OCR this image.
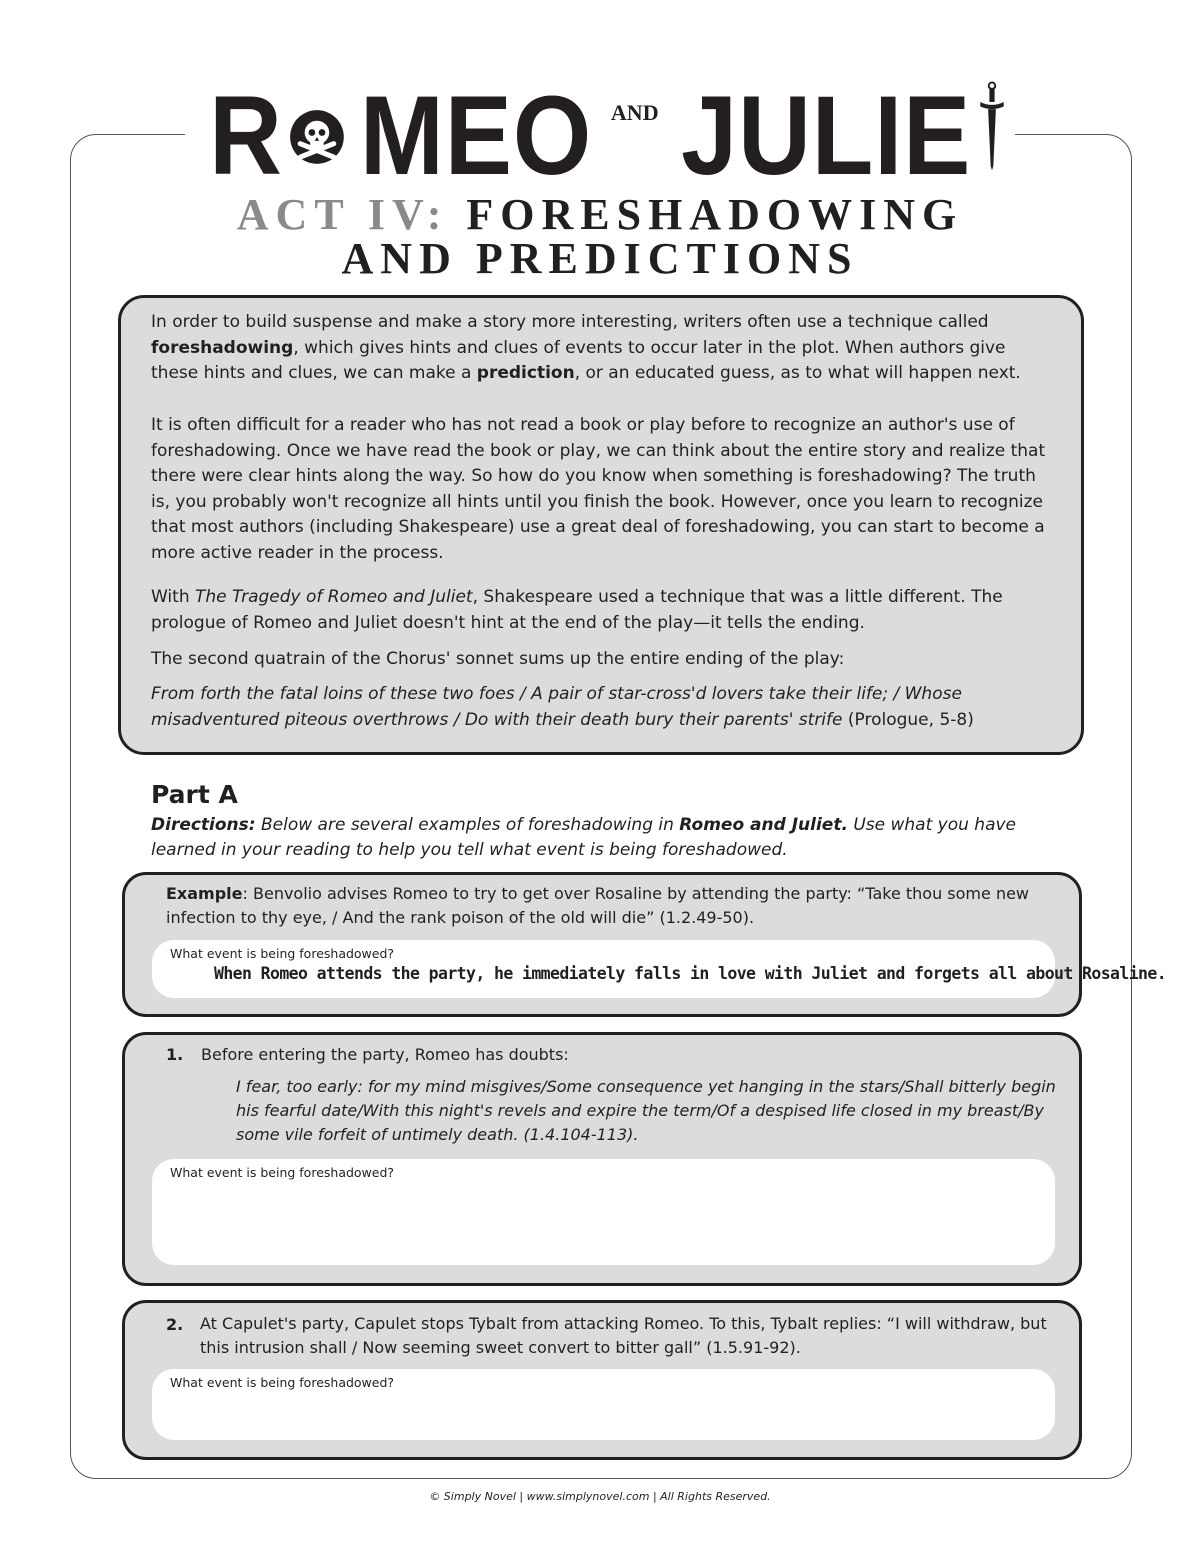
R MEO AND JULIE
ACT IV: FORESHADOWING
AND PREDICTIONS

In order to build suspense and make a story more interesting, writers often use a technique called foreshadowing, which gives hints and clues of events to occur later in the plot. When authors give these hints and clues, we can make a prediction, or an educated guess, as to what will happen next.

It is often difficult for a reader who has not read a book or play before to recognize an author's use of foreshadowing. Once we have read the book or play, we can think about the entire story and realize that there were clear hints along the way. So how do you know when something is foreshadowing? The truth is, you probably won't recognize all hints until you finish the book. However, once you learn to recognize that most authors (including Shakespeare) use a great deal of foreshadowing, you can start to become a more active reader in the process.

With The Tragedy of Romeo and Juliet, Shakespeare used a technique that was a little different. The prologue of Romeo and Juliet doesn't hint at the end of the play—it tells the ending.

The second quatrain of the Chorus' sonnet sums up the entire ending of the play:

From forth the fatal loins of these two foes / A pair of star-cross'd lovers take their life; / Whose misadventured piteous overthrows / Do with their death bury their parents' strife (Prologue, 5-8)

Part A
Directions: Below are several examples of foreshadowing in Romeo and Juliet. Use what you have learned in your reading to help you tell what event is being foreshadowed.
Example: Benvolio advises Romeo to try to get over Rosaline by attending the party: “Take thou some new infection to thy eye, / And the rank poison of the old will die” (1.2.49-50).
What event is being foreshadowed?
When Romeo attends the party, he immediately falls in love with Juliet and forgets all about Rosaline.
1. Before entering the party, Romeo has doubts:
I fear, too early: for my mind misgives/Some consequence yet hanging in the stars/Shall bitterly begin his fearful date/With this night's revels and expire the term/Of a despised life closed in my breast/By some vile forfeit of untimely death. (1.4.104-113).
What event is being foreshadowed?
2. At Capulet's party, Capulet stops Tybalt from attacking Romeo. To this, Tybalt replies: “I will withdraw, but this intrusion shall / Now seeming sweet convert to bitter gall” (1.5.91-92).
What event is being foreshadowed?
© Simply Novel | www.simplynovel.com | All Rights Reserved.
